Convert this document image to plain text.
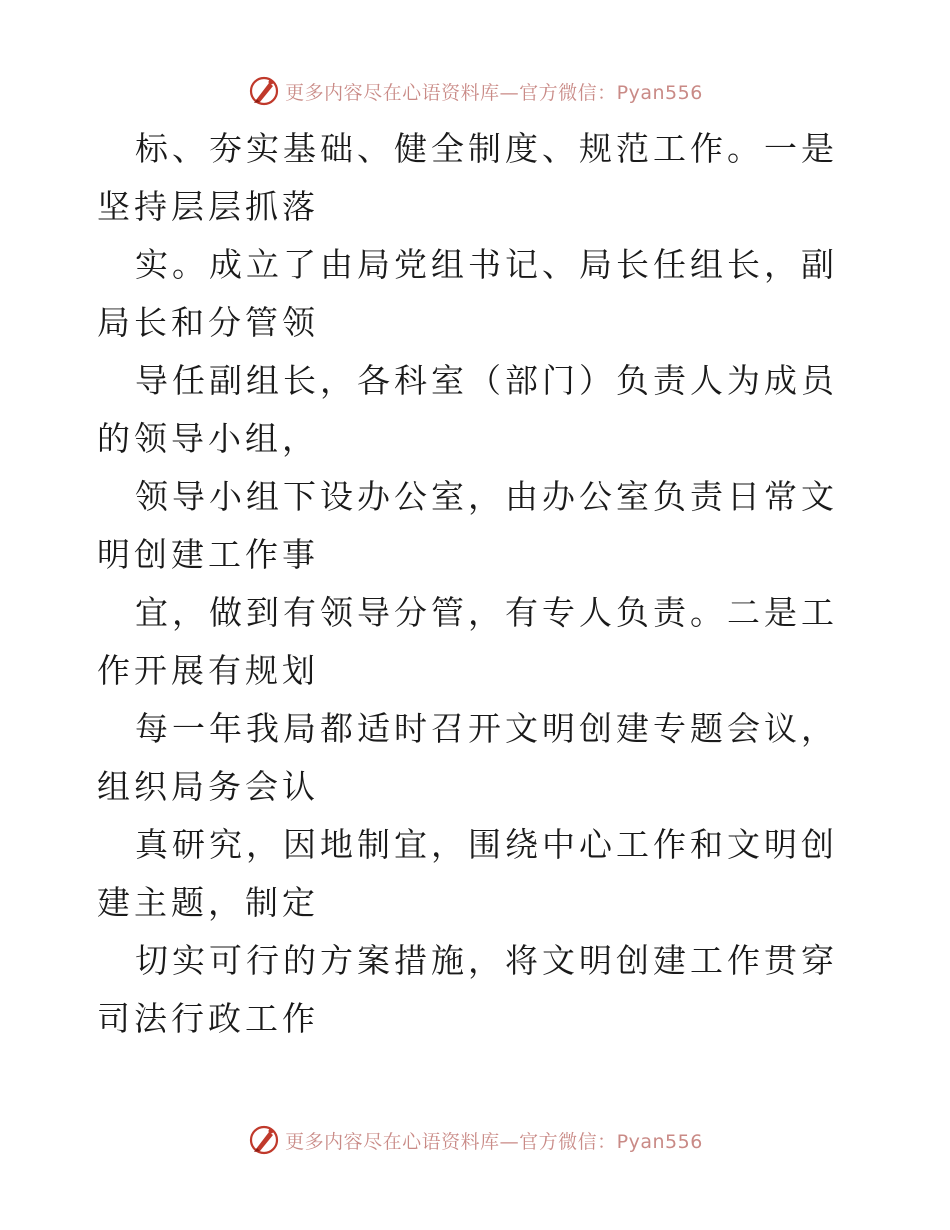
更多内容尽在心语资料库—官方微信：Pyan556

标、夯实基础、健全制度、规范工作。一是坚持层层抓落

实。成立了由局党组书记、局长任组长，副局长和分管领

导任副组长，各科室（部门）负责人为成员的领导小组，

领导小组下设办公室，由办公室负责日常文明创建工作事

宜，做到有领导分管，有专人负责。二是工作开展有规划

每一年我局都适时召开文明创建专题会议，组织局务会认

真研究，因地制宜，围绕中心工作和文明创建主题，制定

切实可行的方案措施，将文明创建工作贯穿司法行政工作

更多内容尽在心语资料库—官方微信：Pyan556
